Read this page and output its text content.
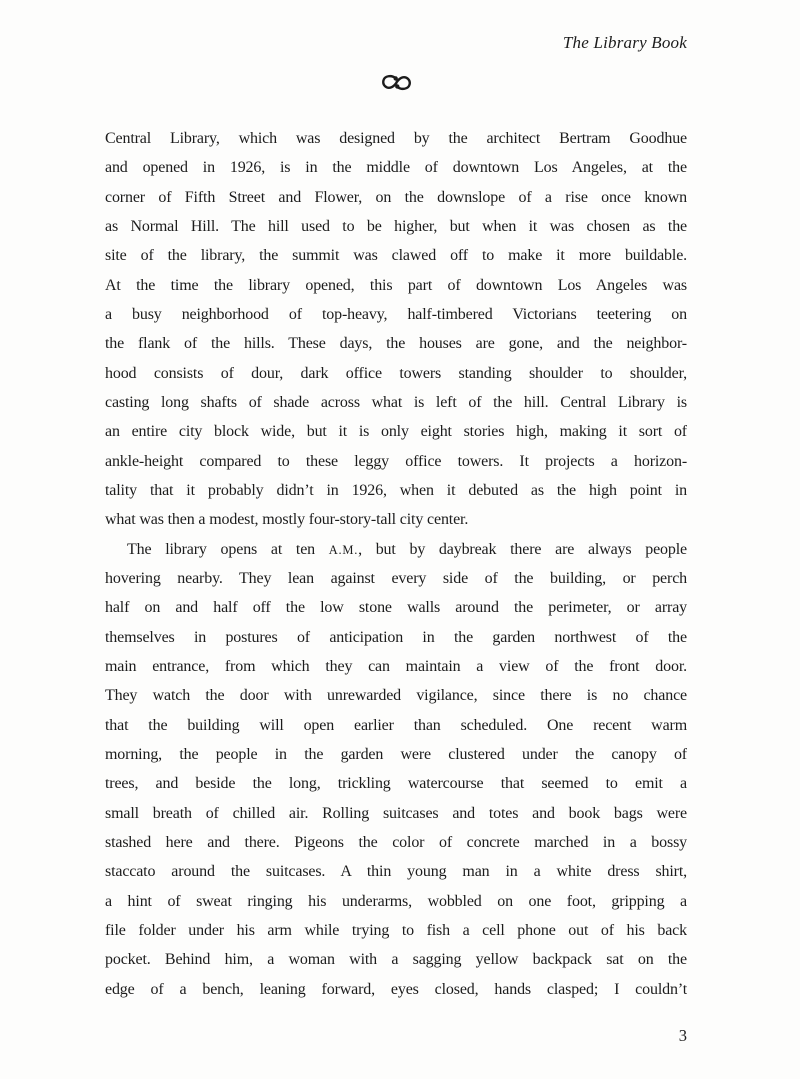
The Library Book
Central Library, which was designed by the architect Bertram Goodhue
and opened in 1926, is in the middle of downtown Los Angeles, at the
corner of Fifth Street and Flower, on the downslope of a rise once known
as Normal Hill. The hill used to be higher, but when it was chosen as the
site of the library, the summit was clawed off to make it more buildable.
At the time the library opened, this part of downtown Los Angeles was
a busy neighborhood of top-heavy, half-timbered Victorians teetering on
the flank of the hills. These days, the houses are gone, and the neighbor-
hood consists of dour, dark office towers standing shoulder to shoulder,
casting long shafts of shade across what is left of the hill. Central Library is
an entire city block wide, but it is only eight stories high, making it sort of
ankle-height compared to these leggy office towers. It projects a horizon-
tality that it probably didn’t in 1926, when it debuted as the high point in
what was then a modest, mostly four-story-tall city center.
The library opens at ten A.M., but by daybreak there are always people
hovering nearby. They lean against every side of the building, or perch
half on and half off the low stone walls around the perimeter, or array
themselves in postures of anticipation in the garden northwest of the
main entrance, from which they can maintain a view of the front door.
They watch the door with unrewarded vigilance, since there is no chance
that the building will open earlier than scheduled. One recent warm
morning, the people in the garden were clustered under the canopy of
trees, and beside the long, trickling watercourse that seemed to emit a
small breath of chilled air. Rolling suitcases and totes and book bags were
stashed here and there. Pigeons the color of concrete marched in a bossy
staccato around the suitcases. A thin young man in a white dress shirt,
a hint of sweat ringing his underarms, wobbled on one foot, gripping a
file folder under his arm while trying to fish a cell phone out of his back
pocket. Behind him, a woman with a sagging yellow backpack sat on the
edge of a bench, leaning forward, eyes closed, hands clasped; I couldn’t
3
